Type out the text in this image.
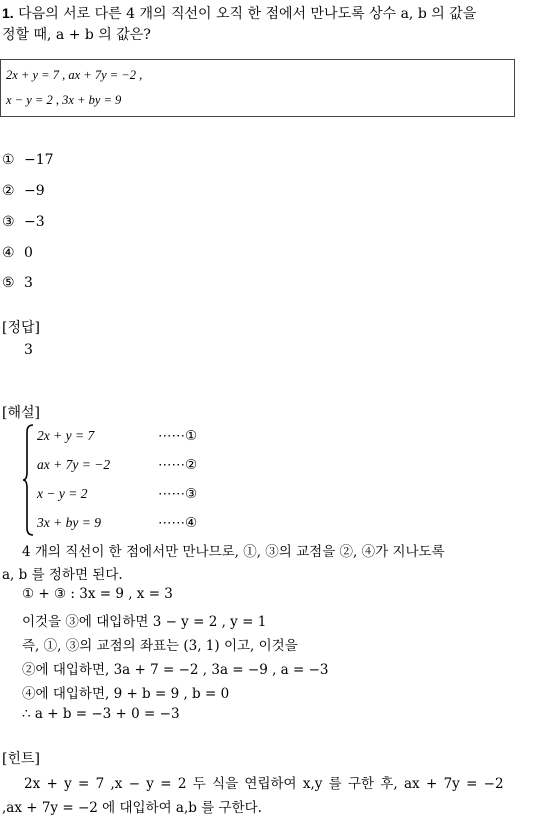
1. 다음의 서로 다른 4 개의 직선이 오직 한 점에서 만나도록 상수 a, b 의 값을
정할 때, a + b 의 값은?
2x + y = 7 , ax + 7y = −2 ,
x − y = 2 , 3x + by = 9
① −17
② −9
③ −3
④ 0
⑤ 3
[정답]
3
[해설]
2x + y = 7	⋯⋯①
ax + 7y = −2	⋯⋯②
x − y = 2	⋯⋯③
3x + by = 9	⋯⋯④
4 개의 직선이 한 점에서만 만나므로, ①, ③의 교점을 ②, ④가 지나도록
a, b 를 정하면 된다.
① + ③ : 3x = 9 , x = 3
이것을 ③에 대입하면 3 − y = 2 , y = 1
즉, ①, ③의 교점의 좌표는 (3, 1) 이고, 이것을
②에 대입하면, 3a + 7 = −2 , 3a = −9 , a = −3
④에 대입하면, 9 + b = 9 , b = 0
∴ a + b = −3 + 0 = −3
[힌트]
2x + y = 7 ,x − y = 2 두 식을 연립하여 x,y 를 구한 후, ax + 7y = −2
,ax + 7y = −2 에 대입하여 a,b 를 구한다.
